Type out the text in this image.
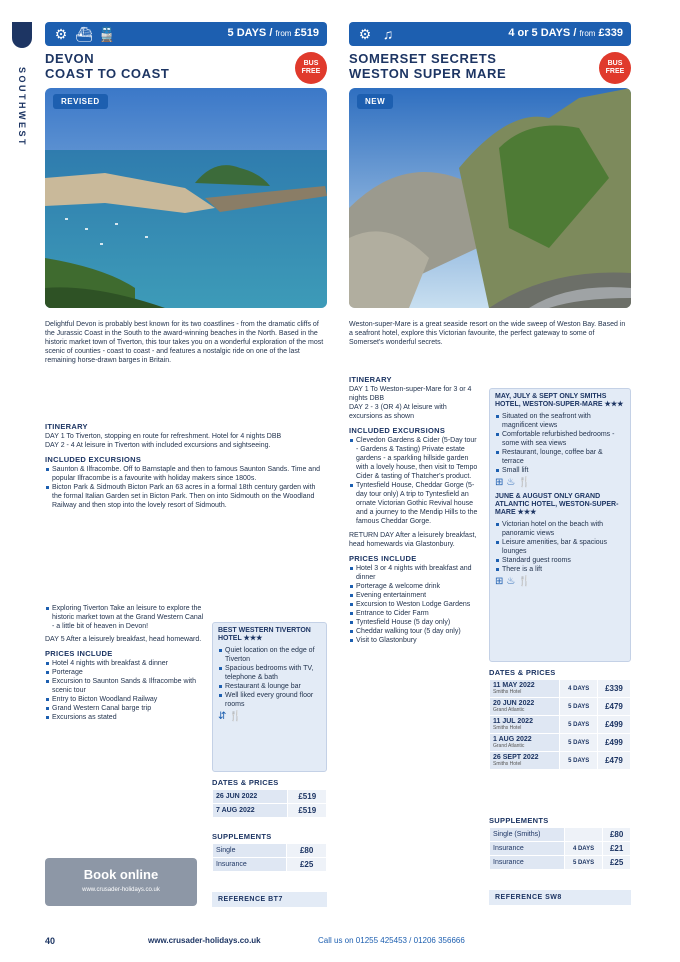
SOUTHWEST
⚙ ⛴ 🚆	5 DAYS / from £519
DEVON
COAST TO COAST
BUS FREE
REVISED

Delightful Devon is probably best known for its two coastlines - from the dramatic cliffs of the Jurassic Coast in the South to the award-winning beaches in the North. Based in the historic market town of Tiverton, this tour takes you on a wonderful exploration of the most scenic of counties - coast to coast - and features a nostalgic ride on one of the last remaining horse-drawn barges in Britain.

ITINERARY

DAY 1 To Tiverton, stopping en route for refreshment. Hotel for 4 nights DBB

DAY 2 - 4 At leisure in Tiverton with included excursions and sightseeing.

INCLUDED EXCURSIONS
Saunton & Ilfracombe. Off to Barnstaple and then to famous Saunton Sands. Time and popular Ilfracombe is a favourite with holiday makers since 1800s.
Bicton Park & Sidmouth Bicton Park an 63 acres in a formal 18th century garden with the formal Italian Garden set in Bicton Park. Then on into Sidmouth on the Woodland Railway and then stop into the lovely resort of Sidmouth.
Exploring Tiverton Take an leisure to explore the historic market town at the Grand Western Canal - a little bit of heaven in Devon!

DAY 5 After a leisurely breakfast, head homeward.

PRICES INCLUDE
Hotel 4 nights with breakfast & dinner
Porterage
Excursion to Saunton Sands & Ilfracombe with scenic tour
Entry to Bicton Woodland Railway
Grand Western Canal barge trip
Excursions as stated
BEST WESTERN TIVERTON HOTEL ★★★
Quiet location on the edge of Tiverton
Spacious bedrooms with TV, telephone & bath
Restaurant & lounge bar
Well liked every ground floor rooms
⇵🍴
DATES & PRICES
26 JUN 2022	£519
7 AUG 2022	£519
SUPPLEMENTS
Single	£80
Insurance	£25
REFERENCE BT7
⚙ ♫	4 or 5 DAYS / from £339
SOMERSET SECRETS
WESTON SUPER MARE
BUS FREE
NEW

Weston-super-Mare is a great seaside resort on the wide sweep of Weston Bay. Based in a seafront hotel, explore this Victorian favourite, the perfect gateway to some of Somerset's wonderful secrets.

ITINERARY

DAY 1 To Weston-super-Mare for 3 or 4 nights DBB

DAY 2 - 3 (OR 4) At leisure with excursions as shown

INCLUDED EXCURSIONS
Clevedon Gardens & Cider (5-Day tour - Gardens & Tasting) Private estate gardens - a sparkling hillside garden with a lovely house, then visit to Tempo Cider & tasting of Thatcher's product.
Tyntesfield House, Cheddar Gorge (5-day tour only) A trip to Tyntesfield an ornate Victorian Gothic Revival house and a journey to the Mendip Hills to the famous Cheddar Gorge.

RETURN DAY After a leisurely breakfast, head homewards via Glastonbury.

PRICES INCLUDE
Hotel 3 or 4 nights with breakfast and dinner
Porterage & welcome drink
Evening entertainment
Excursion to Weston Lodge Gardens
Entrance to Cider Farm
Tyntesfield House (5 day only)
Cheddar walking tour (5 day only)
Visit to Glastonbury
MAY, JULY & SEPT ONLY SMITHS HOTEL, WESTON-SUPER-MARE ★★★
Situated on the seafront with magnificent views
Comfortable refurbished bedrooms - some with sea views
Restaurant, lounge, coffee bar & terrace
Small lift
⊞♨🍴
JUNE & AUGUST ONLY GRAND ATLANTIC HOTEL, WESTON-SUPER-MARE ★★★
Victorian hotel on the beach with panoramic views
Leisure amenities, bar & spacious lounges
Standard guest rooms
There is a lift
⊞♨🍴
DATES & PRICES
11 MAY 2022
Smiths Hotel	4 DAYS	£339
20 JUN 2022
Grand Atlantic	5 DAYS	£479
11 JUL 2022
Smiths Hotel	5 DAYS	£499
1 AUG 2022
Grand Atlantic	5 DAYS	£499
26 SEPT 2022
Smiths Hotel	5 DAYS	£479
SUPPLEMENTS
Single (Smiths)		£80
Insurance	4 DAYS	£21
Insurance	5 DAYS	£25
REFERENCE SW8
Book online
www.crusader-holidays.co.uk
40	www.crusader-holidays.co.uk	Call us on 01255 425453 / 01206 356666
